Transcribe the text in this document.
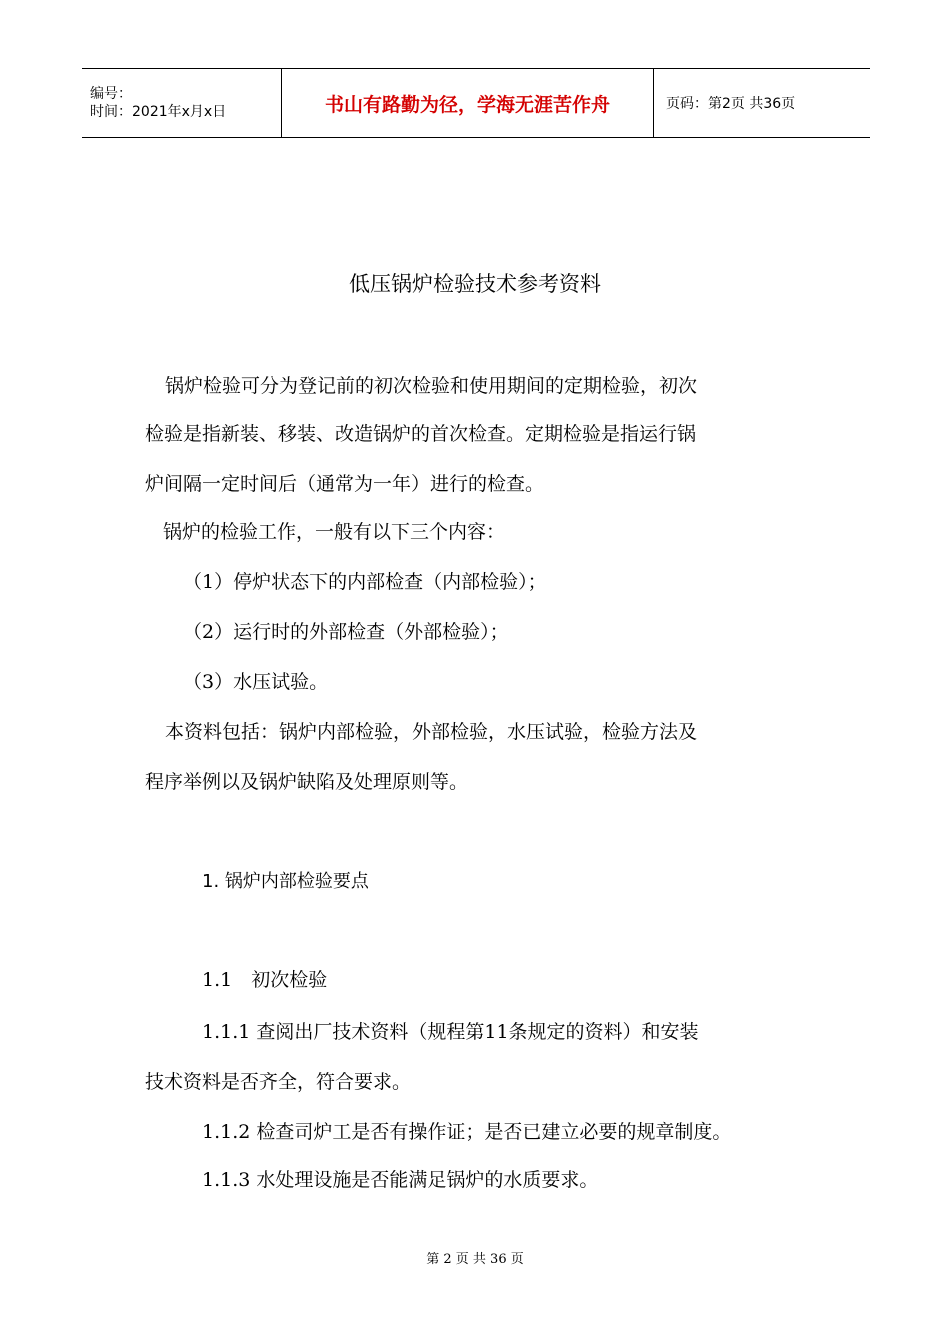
编号：
时间：2021年x月x日	书山有路勤为径，学海无涯苦作舟	页码：第2页 共36页
低压锅炉检验技术参考资料
锅炉检验可分为登记前的初次检验和使用期间的定期检验，初次
检验是指新装、移装、改造锅炉的首次检查。定期检验是指运行锅
炉间隔一定时间后（通常为一年）进行的检查。
锅炉的检验工作，一般有以下三个内容：
（1）停炉状态下的内部检查（内部检验）；
（2）运行时的外部检查（外部检验）；
（3）水压试验。
本资料包括：锅炉内部检验，外部检验，水压试验，检验方法及
程序举例以及锅炉缺陷及处理原则等。
1. 锅炉内部检验要点
1.1　初次检验
1.1.1 查阅出厂技术资料（规程第11条规定的资料）和安装
技术资料是否齐全，符合要求。
1.1.2 检查司炉工是否有操作证；是否已建立必要的规章制度。
1.1.3 水处理设施是否能满足锅炉的水质要求。
第 2 页 共 36 页
